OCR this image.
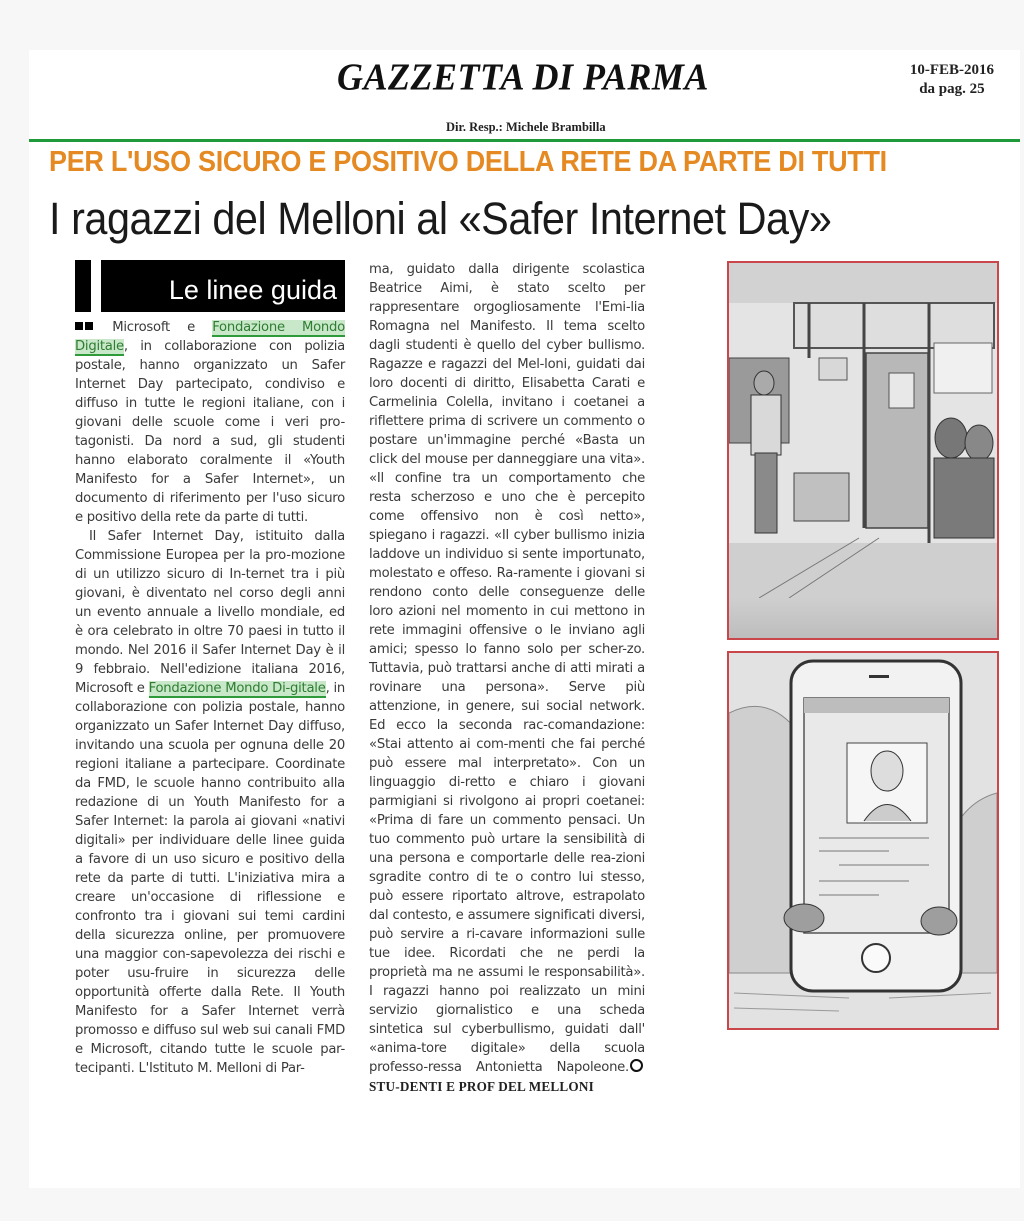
GAZZETTA DI PARMA	10-FEB-2016
da pag. 25
Dir. Resp.: Michele Brambilla
PER L'USO SICURO E POSITIVO DELLA RETE DA PARTE DI TUTTI
I ragazzi del Melloni al «Safer Internet Day»
Le linee guida

Microsoft e Fondazione Mondo Digitale, in collaborazione con polizia postale, hanno organizzato un Safer Internet Day partecipato, condiviso e diffuso in tutte le regioni italiane, con i giovani delle scuole come i veri pro-tagonisti. Da nord a sud, gli studenti hanno elaborato coralmente il «Youth Manifesto for a Safer Internet», un documento di riferimento per l'uso sicuro e positivo della rete da parte di tutti.

Il Safer Internet Day, istituito dalla Commissione Europea per la pro-mozione di un utilizzo sicuro di In-ternet tra i più giovani, è diventato nel corso degli anni un evento annuale a livello mondiale, ed è ora celebrato in oltre 70 paesi in tutto il mondo. Nel 2016 il Safer Internet Day è il 9 febbraio. Nell'edizione italiana 2016, Microsoft e Fondazione Mondo Di-gitale, in collaborazione con polizia postale, hanno organizzato un Safer Internet Day diffuso, invitando una scuola per ognuna delle 20 regioni italiane a partecipare. Coordinate da FMD, le scuole hanno contribuito alla redazione di un Youth Manifesto for a Safer Internet: la parola ai giovani «nativi digitali» per individuare delle linee guida a favore di un uso sicuro e positivo della rete da parte di tutti. L'iniziativa mira a creare un'occasione di riflessione e confronto tra i giovani sui temi cardini della sicurezza online, per promuovere una maggior con-sapevolezza dei rischi e poter usu-fruire in sicurezza delle opportunità offerte dalla Rete. Il Youth Manifesto for a Safer Internet verrà promosso e diffuso sul web sui canali FMD e Microsoft, citando tutte le scuole par-tecipanti. L'Istituto M. Melloni di Par-

ma, guidato dalla dirigente scolastica Beatrice Aimi, è stato scelto per rappresentare orgogliosamente l'Emi-lia Romagna nel Manifesto. Il tema scelto dagli studenti è quello del cyber bullismo. Ragazze e ragazzi del Mel-loni, guidati dai loro docenti di diritto, Elisabetta Carati e Carmelinia Colella, invitano i coetanei a riflettere prima di scrivere un commento o postare un'immagine perché «Basta un click del mouse per danneggiare una vita». «Il confine tra un comportamento che resta scherzoso e uno che è percepito come offensivo non è così netto», spiegano i ragazzi. «Il cyber bullismo inizia laddove un individuo si sente importunato, molestato e offeso. Ra-ramente i giovani si rendono conto delle conseguenze delle loro azioni nel momento in cui mettono in rete immagini offensive o le inviano agli amici; spesso lo fanno solo per scher-zo. Tuttavia, può trattarsi anche di atti mirati a rovinare una persona». Serve più attenzione, in genere, sui social network. Ed ecco la seconda rac-comandazione: «Stai attento ai com-menti che fai perché può essere mal interpretato». Con un linguaggio di-retto e chiaro i giovani parmigiani si rivolgono ai propri coetanei: «Prima di fare un commento pensaci. Un tuo commento può urtare la sensibilità di una persona e comportarle delle rea-zioni sgradite contro di te o contro lui stesso, può essere riportato altrove, estrapolato dal contesto, e assumere significati diversi, può servire a ri-cavare informazioni sulle tue idee. Ricordati che ne perdi la proprietà ma ne assumi le responsabilità». I ragazzi hanno poi realizzato un mini servizio giornalistico e una scheda sintetica sul cyberbullismo, guidati dall' «anima-tore digitale» della scuola professo-ressa Antonietta Napoleone.STU-DENTI E PROF DEL MELLONI
